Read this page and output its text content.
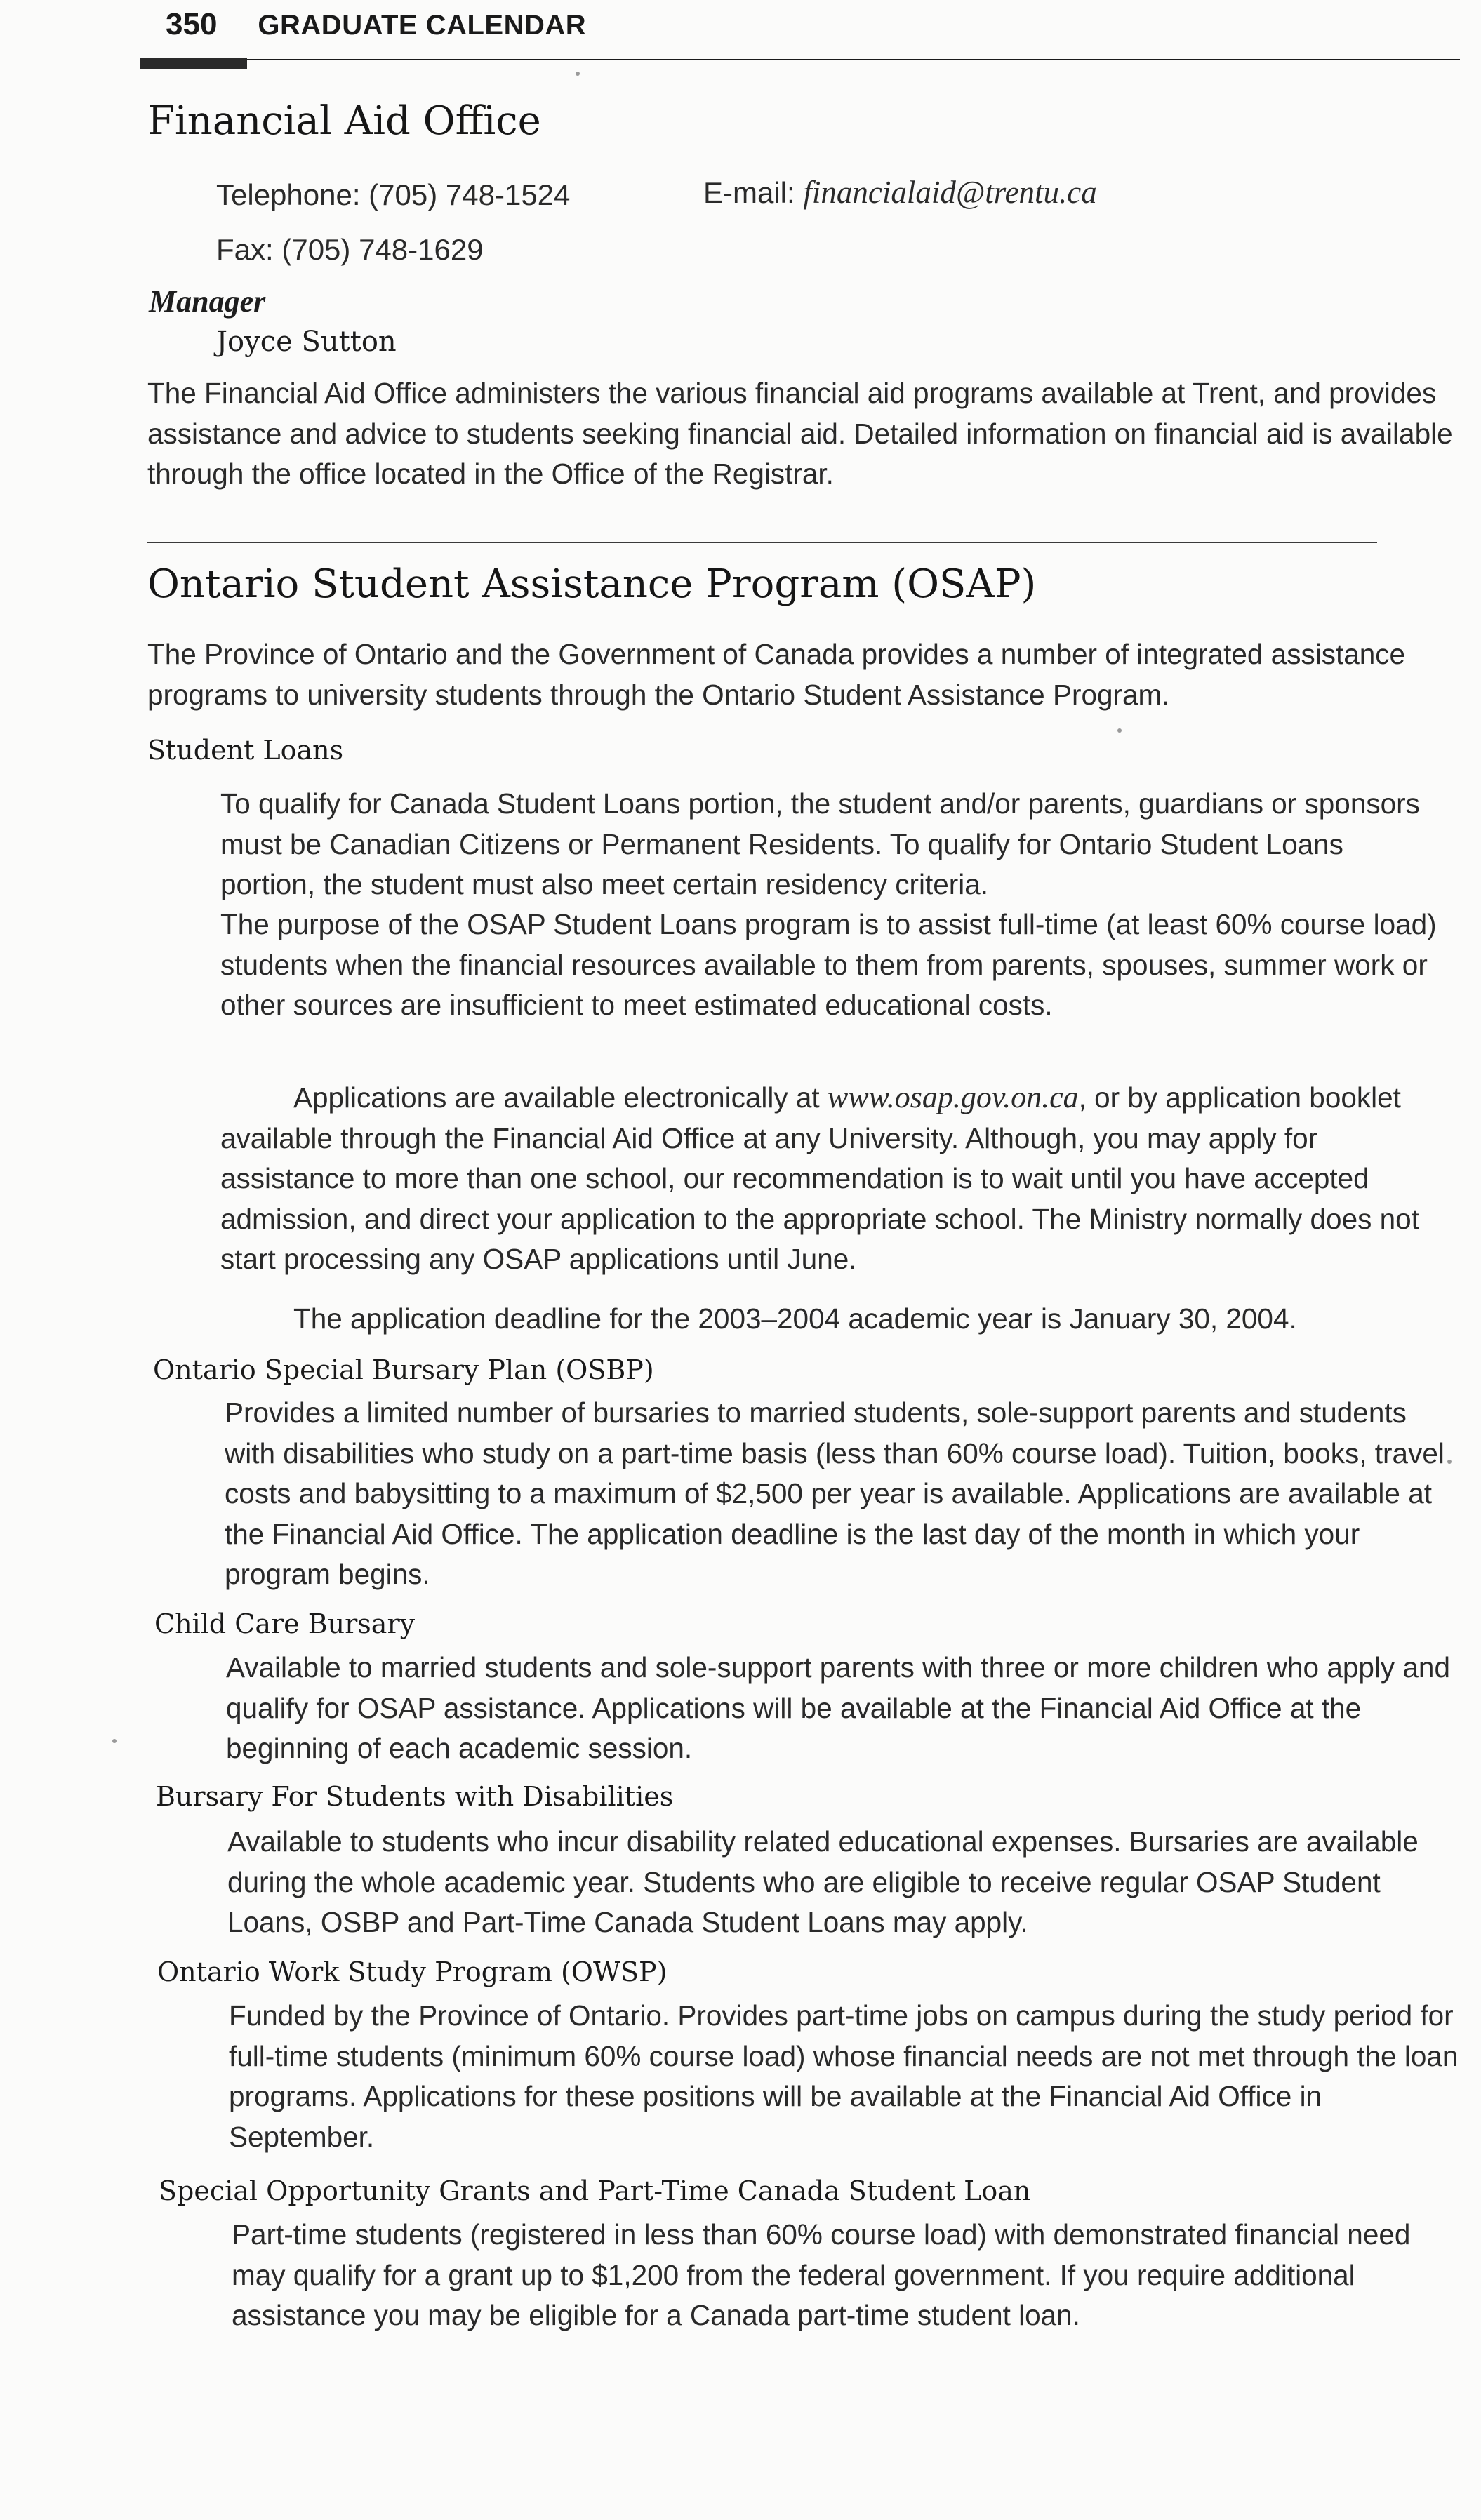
350 GRADUATE CALENDAR
Financial Aid Office
Telephone: (705) 748-1524	E-mail: financialaid@trentu.ca
Fax: (705) 748-1629
Manager
Joyce Sutton

The Financial Aid Office administers the various financial aid programs available at Trent, and provides assistance and advice to students seeking financial aid. Detailed information on financial aid is available through the office located in the Office of the Registrar.

Ontario Student Assistance Program (OSAP)

The Province of Ontario and the Government of Canada provides a number of integrated assistance programs to university students through the Ontario Student Assistance Program.

Student Loans

To qualify for Canada Student Loans portion, the student and/or parents, guardians or sponsors must be Canadian Citizens or Permanent Residents. To qualify for Ontario Student Loans portion, the student must also meet certain residency criteria.

The purpose of the OSAP Student Loans program is to assist full-time (at least 60% course load) students when the financial resources available to them from parents, spouses, summer work or other sources are insufficient to meet estimated educational costs.

Applications are available electronically at www.osap.gov.on.ca, or by application booklet available through the Financial Aid Office at any University. Although, you may apply for assistance to more than one school, our recommendation is to wait until you have accepted admission, and direct your application to the appropriate school. The Ministry normally does not start processing any OSAP applications until June.

The application deadline for the 2003–2004 academic year is January 30, 2004.

Ontario Special Bursary Plan (OSBP)

Provides a limited number of bursaries to married students, sole-support parents and students with disabilities who study on a part-time basis (less than 60% course load). Tuition, books, travel costs and babysitting to a maximum of $2,500 per year is available. Applications are available at the Financial Aid Office. The application deadline is the last day of the month in which your program begins.

Child Care Bursary

Available to married students and sole-support parents with three or more children who apply and qualify for OSAP assistance. Applications will be available at the Financial Aid Office at the beginning of each academic session.

Bursary For Students with Disabilities

Available to students who incur disability related educational expenses. Bursaries are available during the whole academic year. Students who are eligible to receive regular OSAP Student Loans, OSBP and Part-Time Canada Student Loans may apply.

Ontario Work Study Program (OWSP)

Funded by the Province of Ontario. Provides part-time jobs on campus during the study period for full-time students (minimum 60% course load) whose financial needs are not met through the loan programs. Applications for these positions will be available at the Financial Aid Office in September.

Special Opportunity Grants and Part-Time Canada Student Loan

Part-time students (registered in less than 60% course load) with demonstrated financial need may qualify for a grant up to $1,200 from the federal government. If you require additional assistance you may be eligible for a Canada part-time student loan.
